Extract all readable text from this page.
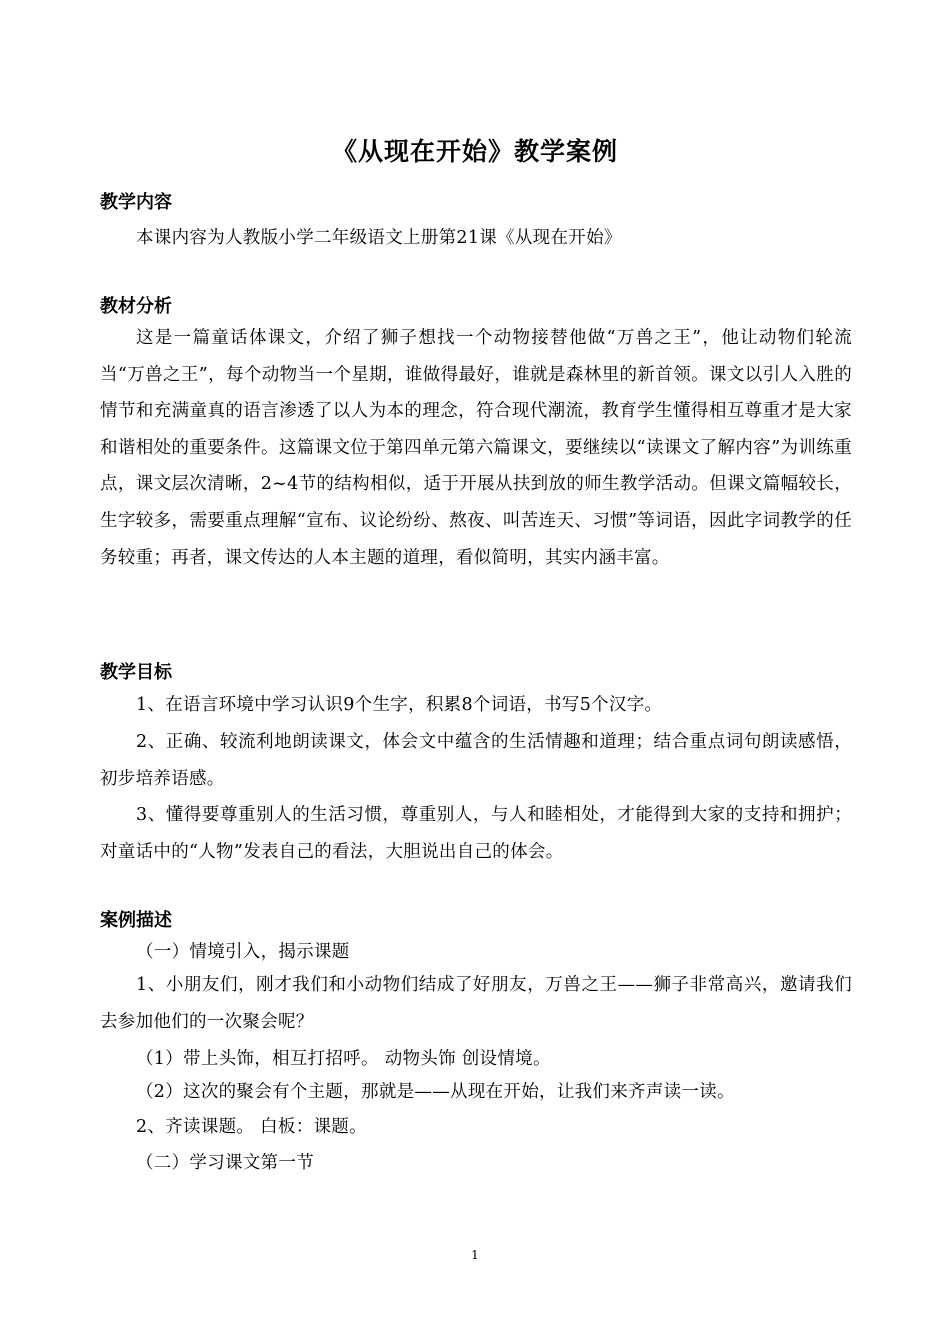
《从现在开始》教学案例
教学内容
本课内容为人教版小学二年级语文上册第21课《从现在开始》
教材分析
这是一篇童话体课文，介绍了狮子想找一个动物接替他做“万兽之王”，他让动物们轮流当“万兽之王”，每个动物当一个星期，谁做得最好，谁就是森林里的新首领。课文以引人入胜的情节和充满童真的语言渗透了以人为本的理念，符合现代潮流，教育学生懂得相互尊重才是大家和谐相处的重要条件。这篇课文位于第四单元第六篇课文，要继续以“读课文了解内容”为训练重点，课文层次清晰，2~4节的结构相似，适于开展从扶到放的师生教学活动。但课文篇幅较长，生字较多，需要重点理解“宣布、议论纷纷、熬夜、叫苦连天、习惯”等词语，因此字词教学的任务较重；再者，课文传达的人本主题的道理，看似简明，其实内涵丰富。
教学目标
1、在语言环境中学习认识9个生字，积累8个词语，书写5个汉字。
2、正确、较流利地朗读课文，体会文中蕴含的生活情趣和道理；结合重点词句朗读感悟，初步培养语感。
3、懂得要尊重别人的生活习惯，尊重别人，与人和睦相处，才能得到大家的支持和拥护；对童话中的“人物”发表自己的看法，大胆说出自己的体会。
案例描述
（一）情境引入，揭示课题
1、小朋友们，刚才我们和小动物们结成了好朋友，万兽之王——狮子非常高兴，邀请我们去参加他们的一次聚会呢？
（1）带上头饰，相互打招呼。 动物头饰 创设情境。
（2）这次的聚会有个主题，那就是——从现在开始，让我们来齐声读一读。
2、齐读课题。 白板：课题。
（二）学习课文第一节
1
